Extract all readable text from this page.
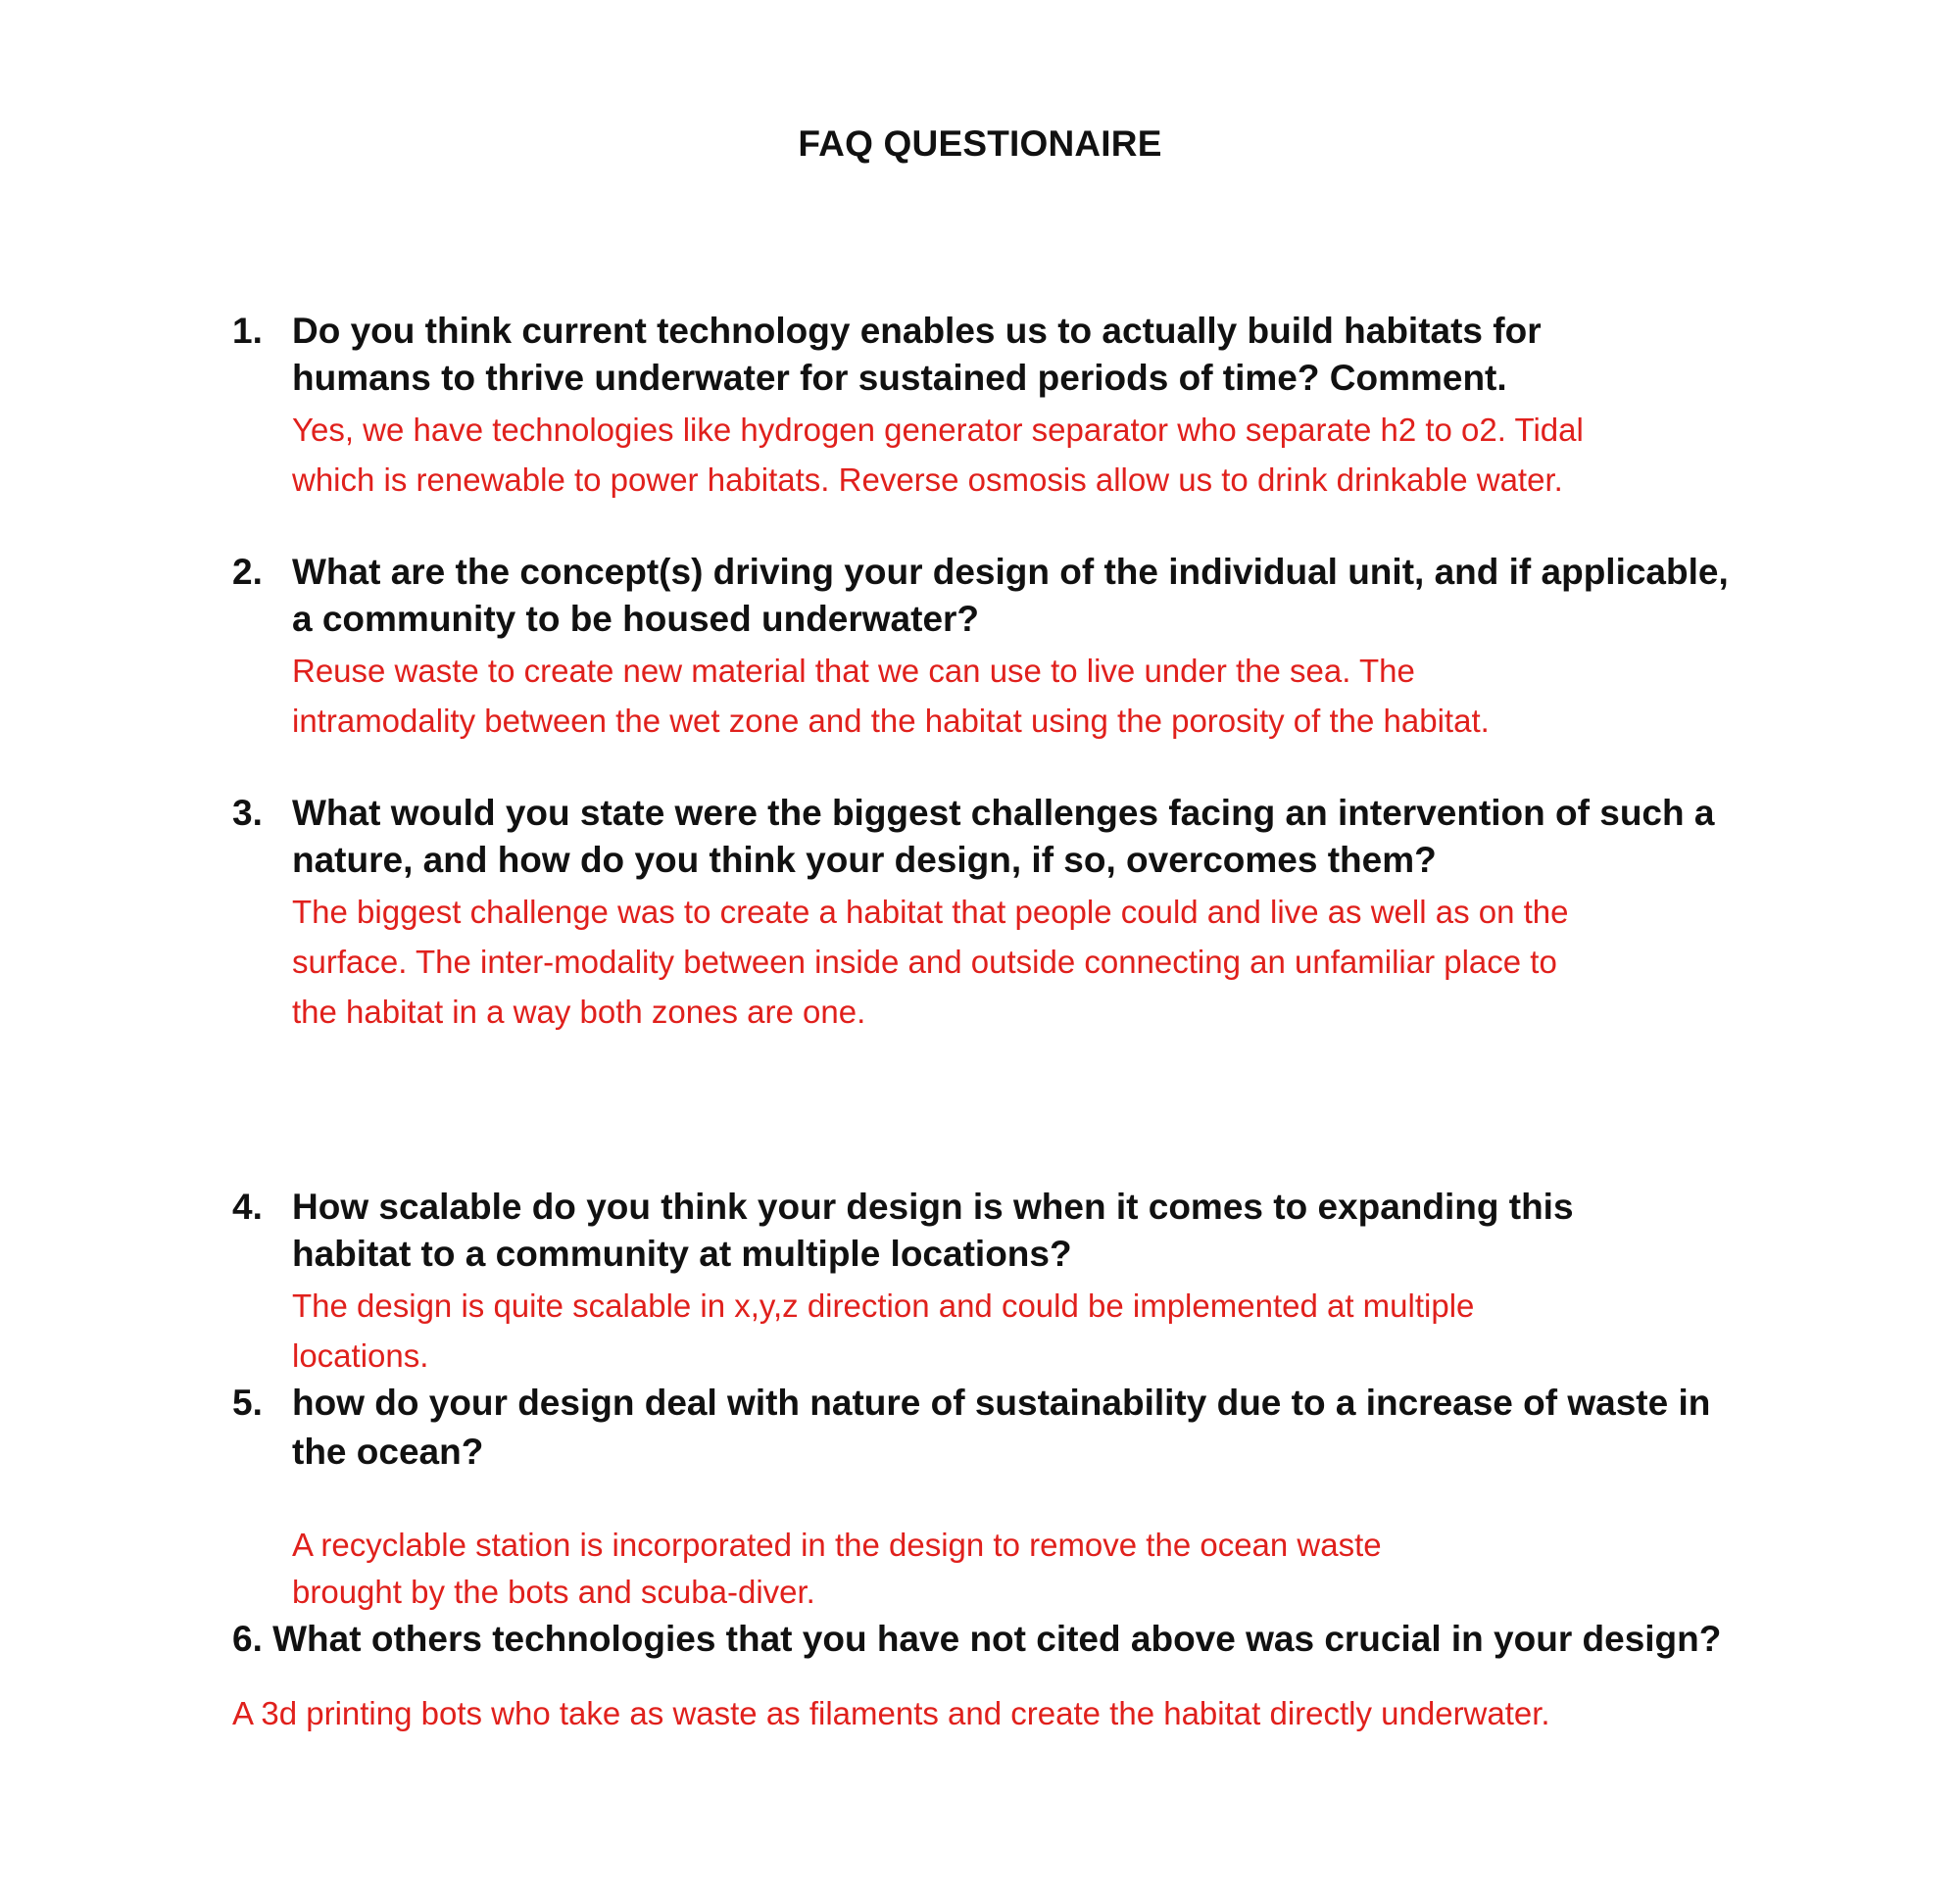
FAQ QUESTIONAIRE
1. Do you think current technology enables us to actually build habitats for
humans to thrive underwater for sustained periods of time? Comment.
Yes, we have technologies like hydrogen generator separator who separate h2 to o2. Tidal
which is renewable to power habitats. Reverse osmosis allow us to drink drinkable water.
2. What are the concept(s) driving your design of the individual unit, and if applicable,
a community to be housed underwater?
Reuse waste to create new material that we can use to live under the sea. The
intramodality between the wet zone and the habitat using the porosity of the habitat.
3. What would you state were the biggest challenges facing an intervention of such a
nature, and how do you think your design, if so, overcomes them?
The biggest challenge was to create a habitat that people could and live as well as on the
surface. The inter-modality between inside and outside connecting an unfamiliar place to
the habitat in a way both zones are one.
4. How scalable do you think your design is when it comes to expanding this
habitat to a community at multiple locations?
The design is quite scalable in x,y,z direction and could be implemented at multiple
locations.
5. how do your design deal with nature of sustainability due to a increase of waste in
the ocean?
A recyclable station is incorporated in the design to remove the ocean waste
brought by the bots and scuba-diver.
6. What others technologies that you have not cited above was crucial in your design?
A 3d printing bots who take as waste as filaments and create the habitat directly underwater.
